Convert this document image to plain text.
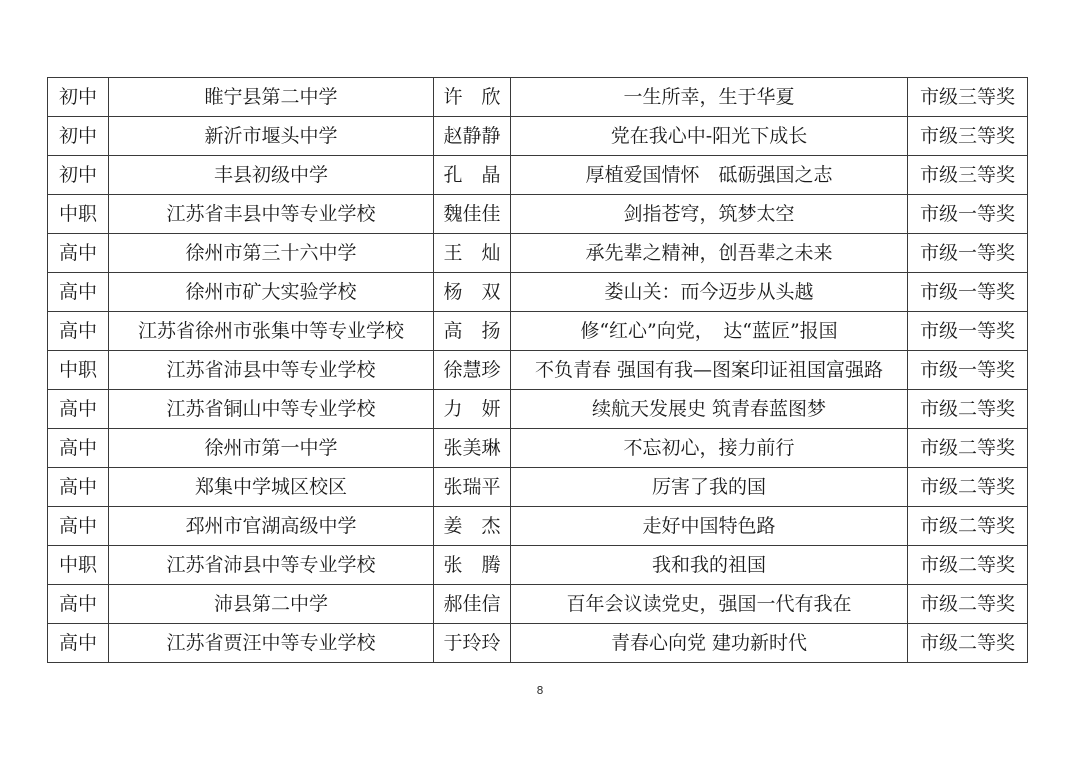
初中	睢宁县第二中学	许　欣	一生所幸，生于华夏	市级三等奖
初中	新沂市堰头中学	赵静静	党在我心中-阳光下成长	市级三等奖
初中	丰县初级中学	孔　晶	厚植爱国情怀　砥砺强国之志	市级三等奖
中职	江苏省丰县中等专业学校	魏佳佳	剑指苍穹，筑梦太空	市级一等奖
高中	徐州市第三十六中学	王　灿	承先辈之精神，创吾辈之未来	市级一等奖
高中	徐州市矿大实验学校	杨　双	娄山关：而今迈步从头越	市级一等奖
高中	江苏省徐州市张集中等专业学校	高　扬	修“红心”向党，　达“蓝匠”报国	市级一等奖
中职	江苏省沛县中等专业学校	徐慧珍	不负青春 强国有我—图案印证祖国富强路	市级一等奖
高中	江苏省铜山中等专业学校	力　妍	续航天发展史 筑青春蓝图梦	市级二等奖
高中	徐州市第一中学	张美琳	不忘初心，接力前行	市级二等奖
高中	郑集中学城区校区	张瑞平	厉害了我的国	市级二等奖
高中	邳州市官湖高级中学	姜　杰	走好中国特色路	市级二等奖
中职	江苏省沛县中等专业学校	张　腾	我和我的祖国	市级二等奖
高中	沛县第二中学	郝佳信	百年会议读党史，强国一代有我在	市级二等奖
高中	江苏省贾汪中等专业学校	于玲玲	青春心向党 建功新时代	市级二等奖
8
